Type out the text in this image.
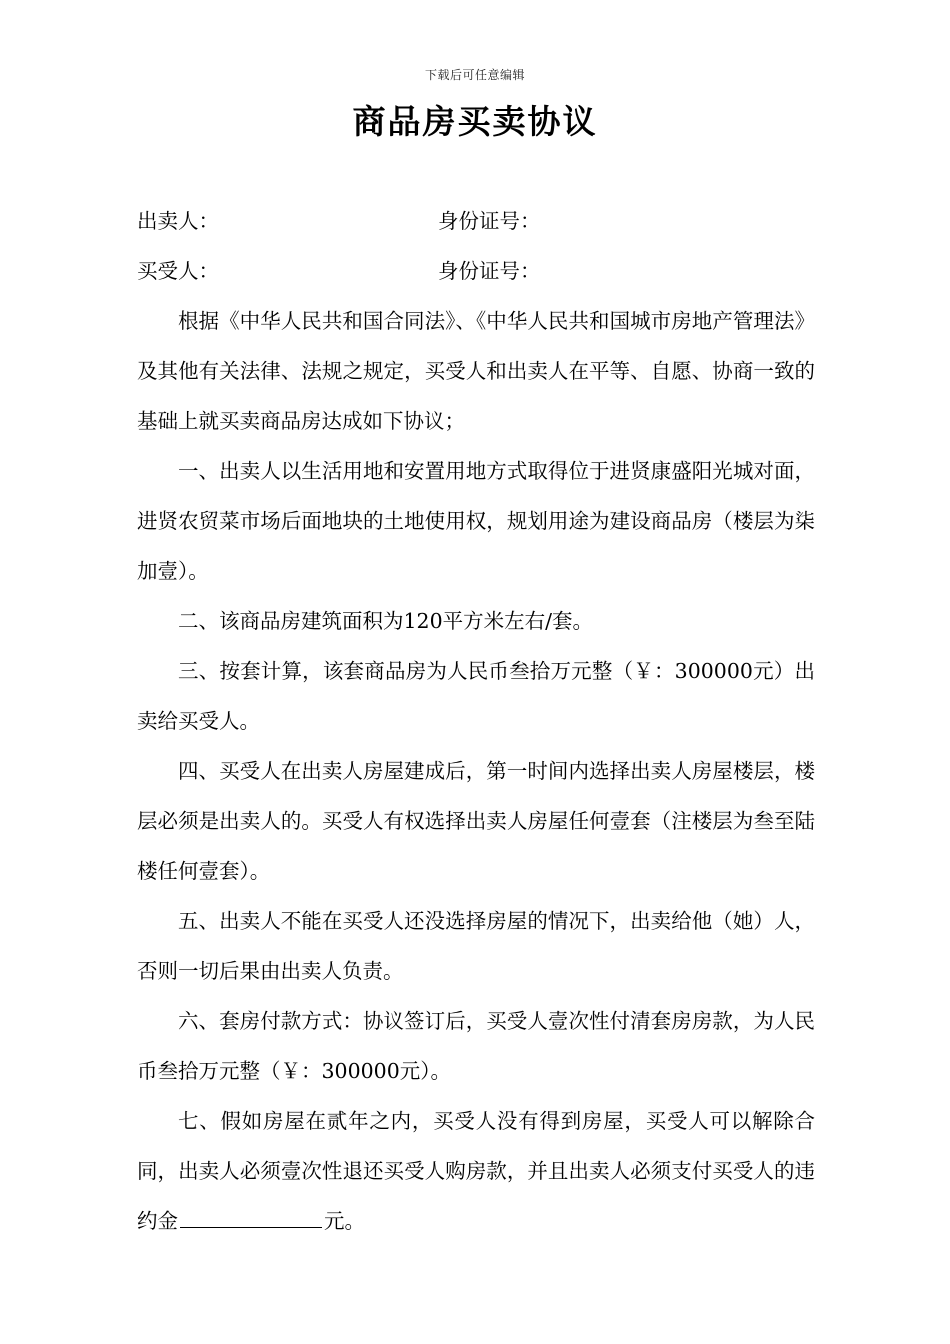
下载后可任意编辑
商品房买卖协议
出卖人：	身份证号：
买受人：	身份证号：

根据《中华人民共和国合同法》、《中华人民共和国城市房地产管理法》及其他有关法律、法规之规定，买受人和出卖人在平等、自愿、协商一致的基础上就买卖商品房达成如下协议；

一、出卖人以生活用地和安置用地方式取得位于进贤康盛阳光城对面，进贤农贸菜市场后面地块的土地使用权，规划用途为建设商品房（楼层为柒加壹）。

二、该商品房建筑面积为120平方米左右/套。

三、按套计算，该套商品房为人民币叁拾万元整（￥：300000元）出卖给买受人。

四、买受人在出卖人房屋建成后，第一时间内选择出卖人房屋楼层，楼层必须是出卖人的。买受人有权选择出卖人房屋任何壹套（注楼层为叁至陆楼任何壹套）。

五、出卖人不能在买受人还没选择房屋的情况下，出卖给他（她）人，否则一切后果由出卖人负责。

六、套房付款方式：协议签订后，买受人壹次性付清套房房款，为人民币叁拾万元整（￥：300000元）。

七、假如房屋在贰年之内，买受人没有得到房屋，买受人可以解除合同，出卖人必须壹次性退还买受人购房款，并且出卖人必须支付买受人的违约金	元。
